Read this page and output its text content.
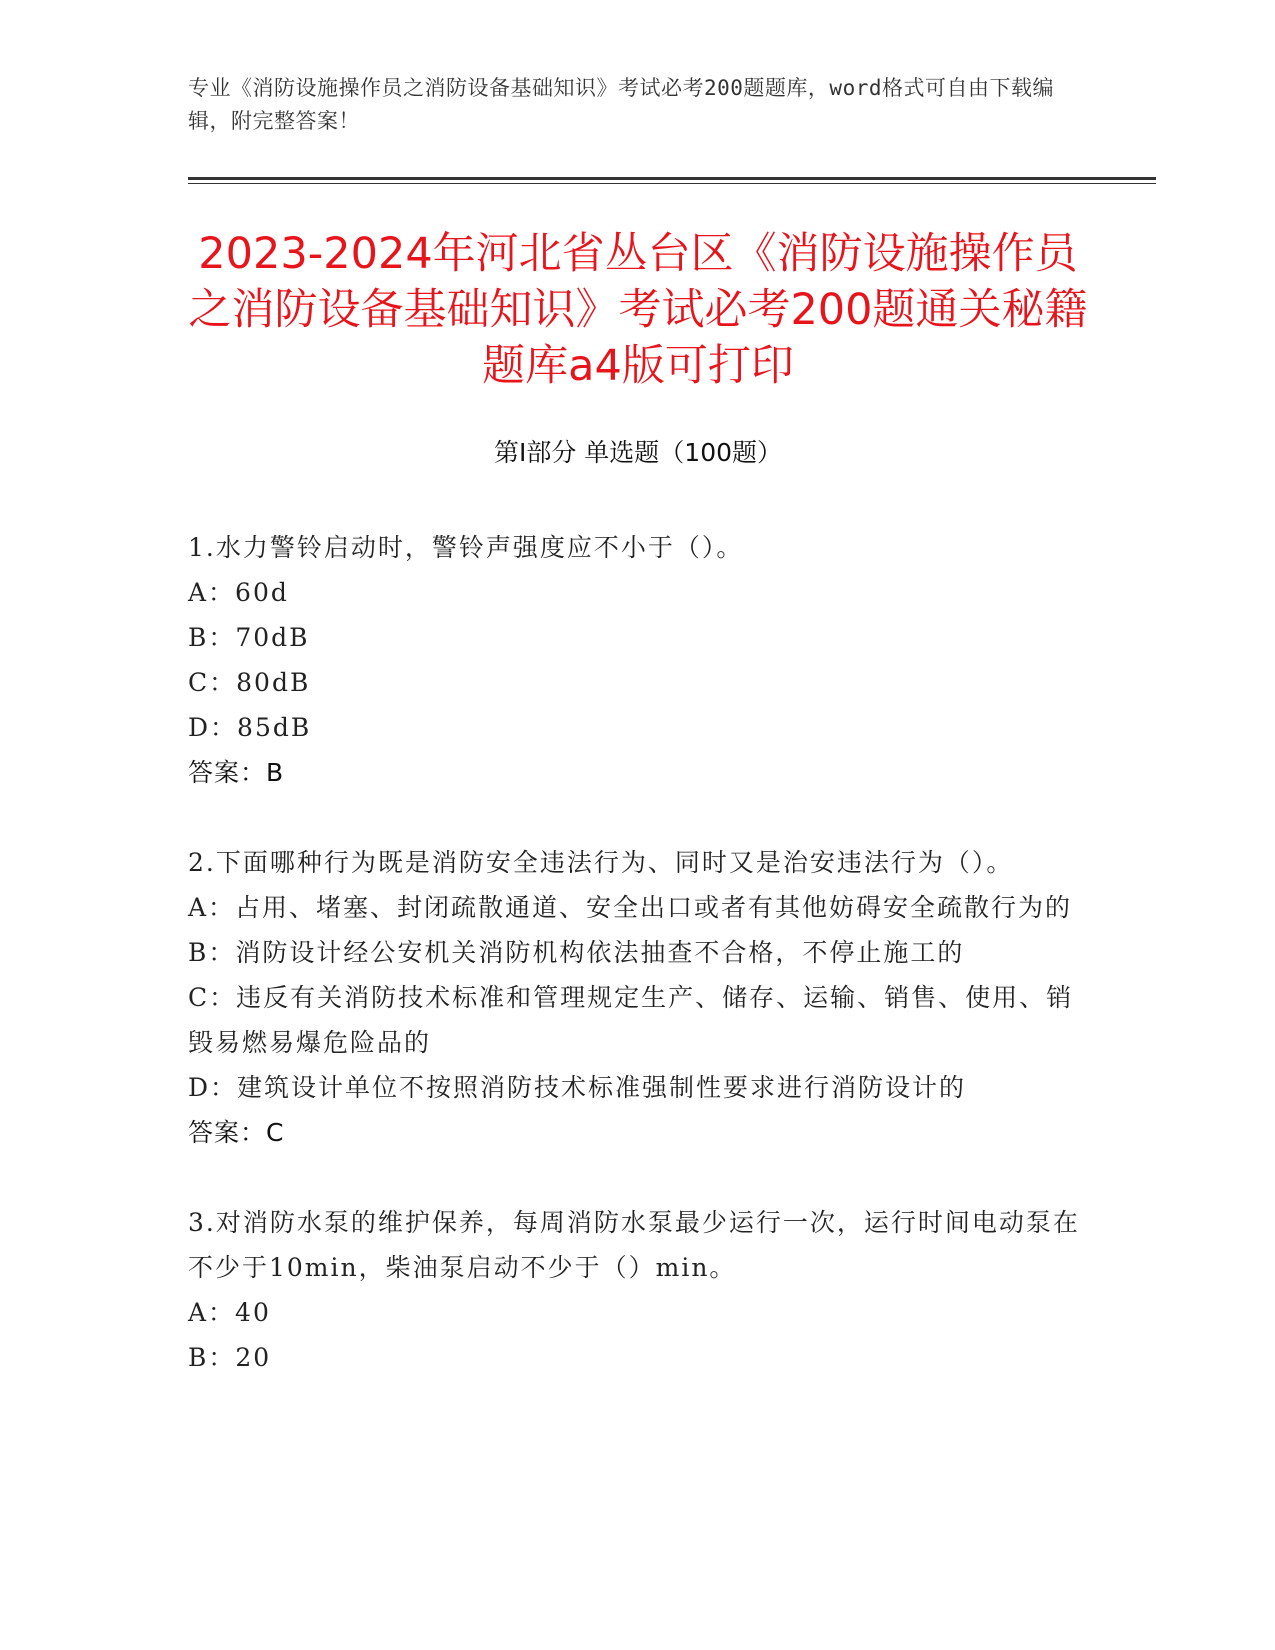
专业《消防设施操作员之消防设备基础知识》考试必考200题题库，word格式可自由下载编辑，附完整答案！
2023-2024年河北省丛台区《消防设施操作员之消防设备基础知识》考试必考200题通关秘籍题库a4版可打印
第I部分 单选题（100题）
1.水力警铃启动时，警铃声强度应不小于（）。
A：60d
B：70dB
C：80dB
D：85dB
答案：B
2.下面哪种行为既是消防安全违法行为、同时又是治安违法行为（）。
A：占用、堵塞、封闭疏散通道、安全出口或者有其他妨碍安全疏散行为的
B：消防设计经公安机关消防机构依法抽查不合格，不停止施工的
C：违反有关消防技术标准和管理规定生产、储存、运输、销售、使用、销毁易燃易爆危险品的
D：建筑设计单位不按照消防技术标准强制性要求进行消防设计的
答案：C
3.对消防水泵的维护保养，每周消防水泵最少运行一次，运行时间电动泵在不少于10min，柴油泵启动不少于（）min。
A：40
B：20
